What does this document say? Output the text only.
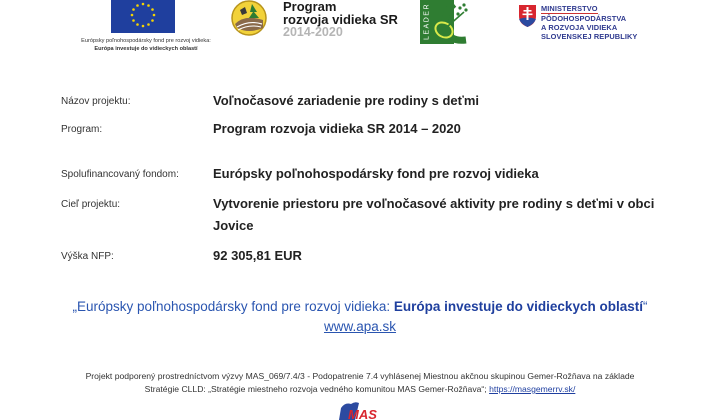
Európsky poľnohospodársky fond pre rozvoj vidieka:
Európa investuje do vidieckych oblastí
Program
rozvoja vidieka SR
2014-2020	LEADER	MINISTERSTVO
PÔDOHOSPODÁRSTVA
A ROZVOJA VIDIEKA
SLOVENSKEJ REPUBLIKY
Názov projektu:	Voľnočasové zariadenie pre rodiny s deťmi
Program:	Program rozvoja vidieka SR 2014 – 2020
Spolufinancovaný fondom:	Európsky poľnohospodársky fond pre rozvoj vidieka
Cieľ projektu:	Vytvorenie priestoru pre voľnočasové aktivity pre rodiny s deťmi v obci Jovice
Výška NFP:	92 305,81 EUR
„Európsky poľnohospodársky fond pre rozvoj vidieka: Európa investuje do vidieckych oblastí“
www.apa.sk
Projekt podporený prostredníctvom výzvy MAS_069/7.4/3 - Podopatrenie 7.4 vyhlásenej Miestnou akčnou skupinou Gemer-Rožňava na základe
Stratégie CLLD: „Stratégie miestneho rozvoja vedného komunitou MAS Gemer-Rožňava“; https://masgemerrv.sk/
MAS
